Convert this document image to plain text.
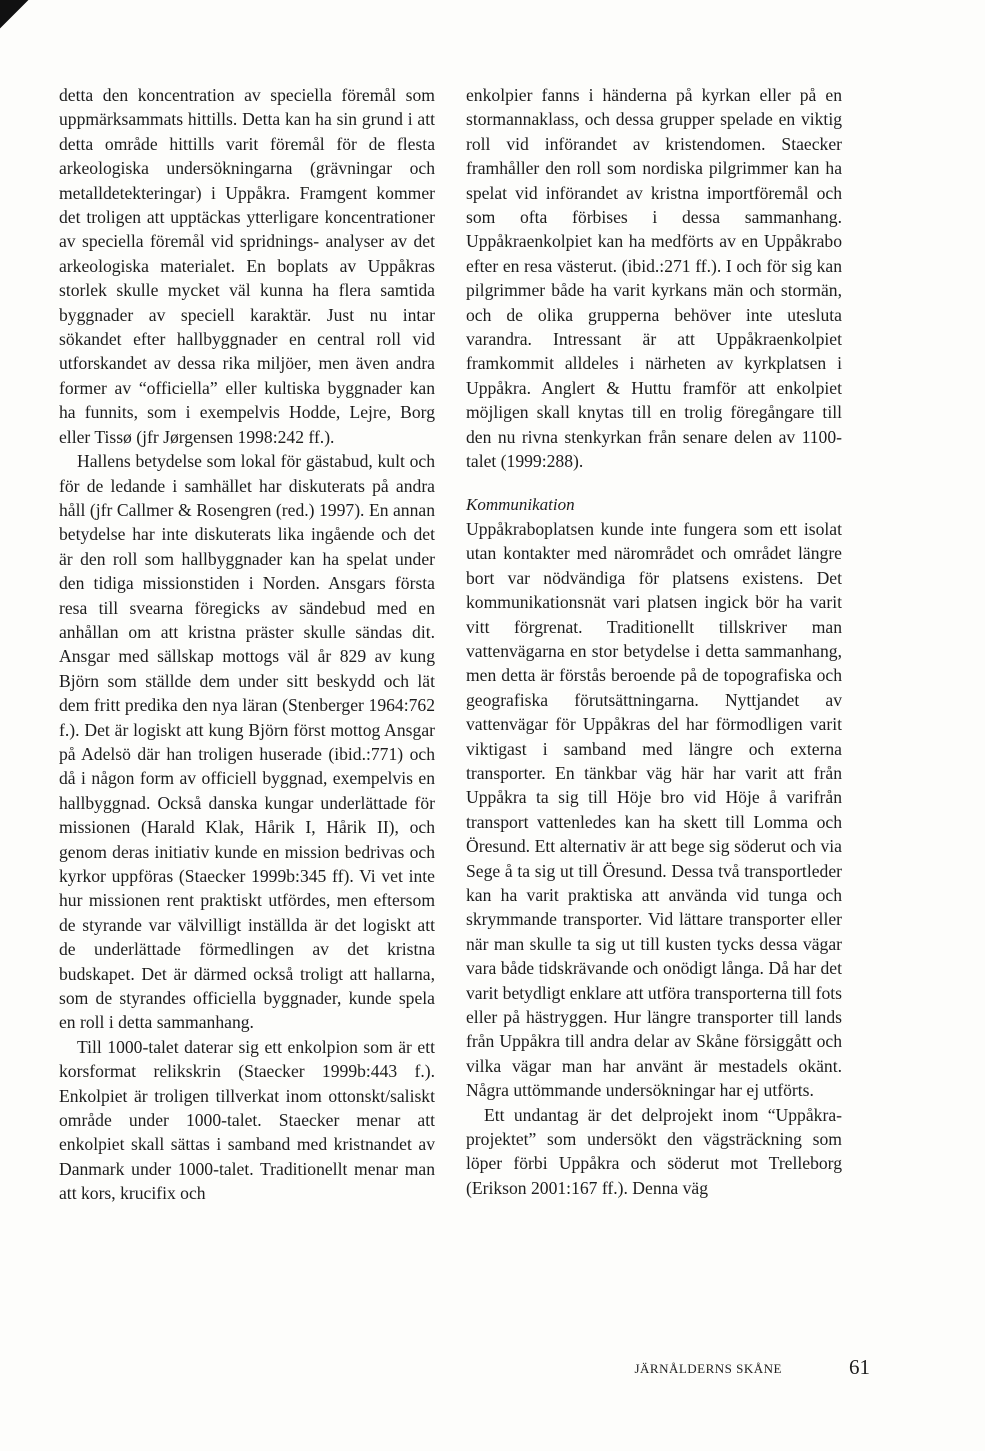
detta den koncentration av speciella föremål som uppmärksammats hittills. Detta kan ha sin grund i att detta område hittills varit föremål för de flesta arkeologiska undersökningarna (grävningar och metalldetekteringar) i Uppåkra. Framgent kommer det troligen att upptäckas ytterligare koncentrationer av speciella föremål vid spridnings- analyser av det arkeologiska materialet. En boplats av Uppåkras storlek skulle mycket väl kunna ha flera samtida byggnader av speciell karaktär. Just nu intar sökandet efter hallbyggnader en central roll vid utforskandet av dessa rika miljöer, men även andra former av “officiella” eller kultiska byggnader kan ha funnits, som i exempelvis Hodde, Lejre, Borg eller Tissø (jfr Jørgensen 1998:242 ff.).

Hallens betydelse som lokal för gästabud, kult och för de ledande i samhället har diskuterats på andra håll (jfr Callmer & Rosengren (red.) 1997). En annan betydelse har inte diskuterats lika ingående och det är den roll som hallbyggnader kan ha spelat under den tidiga missionstiden i Norden. Ansgars första resa till svearna föregicks av sändebud med en anhållan om att kristna präster skulle sändas dit. Ansgar med sällskap mottogs väl år 829 av kung Björn som ställde dem under sitt beskydd och lät dem fritt predika den nya läran (Stenberger 1964:762 f.). Det är logiskt att kung Björn först mottog Ansgar på Adelsö där han troligen huserade (ibid.:771) och då i någon form av officiell byggnad, exempelvis en hallbyggnad. Också danska kungar underlättade för missionen (Harald Klak, Hårik I, Hårik II), och genom deras initiativ kunde en mission bedrivas och kyrkor uppföras (Staecker 1999b:345 ff). Vi vet inte hur missionen rent praktiskt utfördes, men eftersom de styrande var välvilligt inställda är det logiskt att de underlättade förmedlingen av det kristna budskapet. Det är därmed också troligt att hallarna, som de styrandes officiella byggnader, kunde spela en roll i detta sammanhang.

Till 1000-talet daterar sig ett enkolpion som är ett korsformat relikskrin (Staecker 1999b:443 f.). Enkolpiet är troligen tillverkat inom ottonskt/saliskt område under 1000-talet. Staecker menar att enkolpiet skall sättas i samband med kristnandet av Danmark under 1000-talet. Traditionellt menar man att kors, krucifix och

enkolpier fanns i händerna på kyrkan eller på en stormannaklass, och dessa grupper spelade en viktig roll vid införandet av kristendomen. Staecker framhåller den roll som nordiska pilgrimmer kan ha spelat vid införandet av kristna importföremål och som ofta förbises i dessa sammanhang. Uppåkraenkolpiet kan ha medförts av en Uppåkrabo efter en resa västerut. (ibid.:271 ff.). I och för sig kan pilgrimmer både ha varit kyrkans män och stormän, och de olika grupperna behöver inte utesluta varandra. Intressant är att Uppåkraenkolpiet framkommit alldeles i närheten av kyrkplatsen i Uppåkra. Anglert & Huttu framför att enkolpiet möjligen skall knytas till en trolig föregångare till den nu rivna stenkyrkan från senare delen av 1100-talet (1999:288).

Kommunikation

Uppåkraboplatsen kunde inte fungera som ett isolat utan kontakter med närområdet och området längre bort var nödvändiga för platsens existens. Det kommunikationsnät vari platsen ingick bör ha varit vitt förgrenat. Traditionellt tillskriver man vattenvägarna en stor betydelse i detta sammanhang, men detta är förstås beroende på de topografiska och geografiska förutsättningarna. Nyttjandet av vattenvägar för Uppåkras del har förmodligen varit viktigast i samband med längre och externa transporter. En tänkbar väg här har varit att från Uppåkra ta sig till Höje bro vid Höje å varifrån transport vattenledes kan ha skett till Lomma och Öresund. Ett alternativ är att bege sig söderut och via Sege å ta sig ut till Öresund. Dessa två transportleder kan ha varit praktiska att använda vid tunga och skrymmande transporter. Vid lättare transporter eller när man skulle ta sig ut till kusten tycks dessa vägar vara både tidskrävande och onödigt långa. Då har det varit betydligt enklare att utföra transporterna till fots eller på hästryggen. Hur längre transporter till lands från Uppåkra till andra delar av Skåne försiggått och vilka vägar man har använt är mestadels okänt. Några uttömmande undersökningar har ej utförts.

Ett undantag är det delprojekt inom “Uppåkra-projektet” som undersökt den vägsträckning som löper förbi Uppåkra och söderut mot Trelleborg (Erikson 2001:167 ff.). Denna väg

JÄRNÅLDERNS SKÅNE	61
